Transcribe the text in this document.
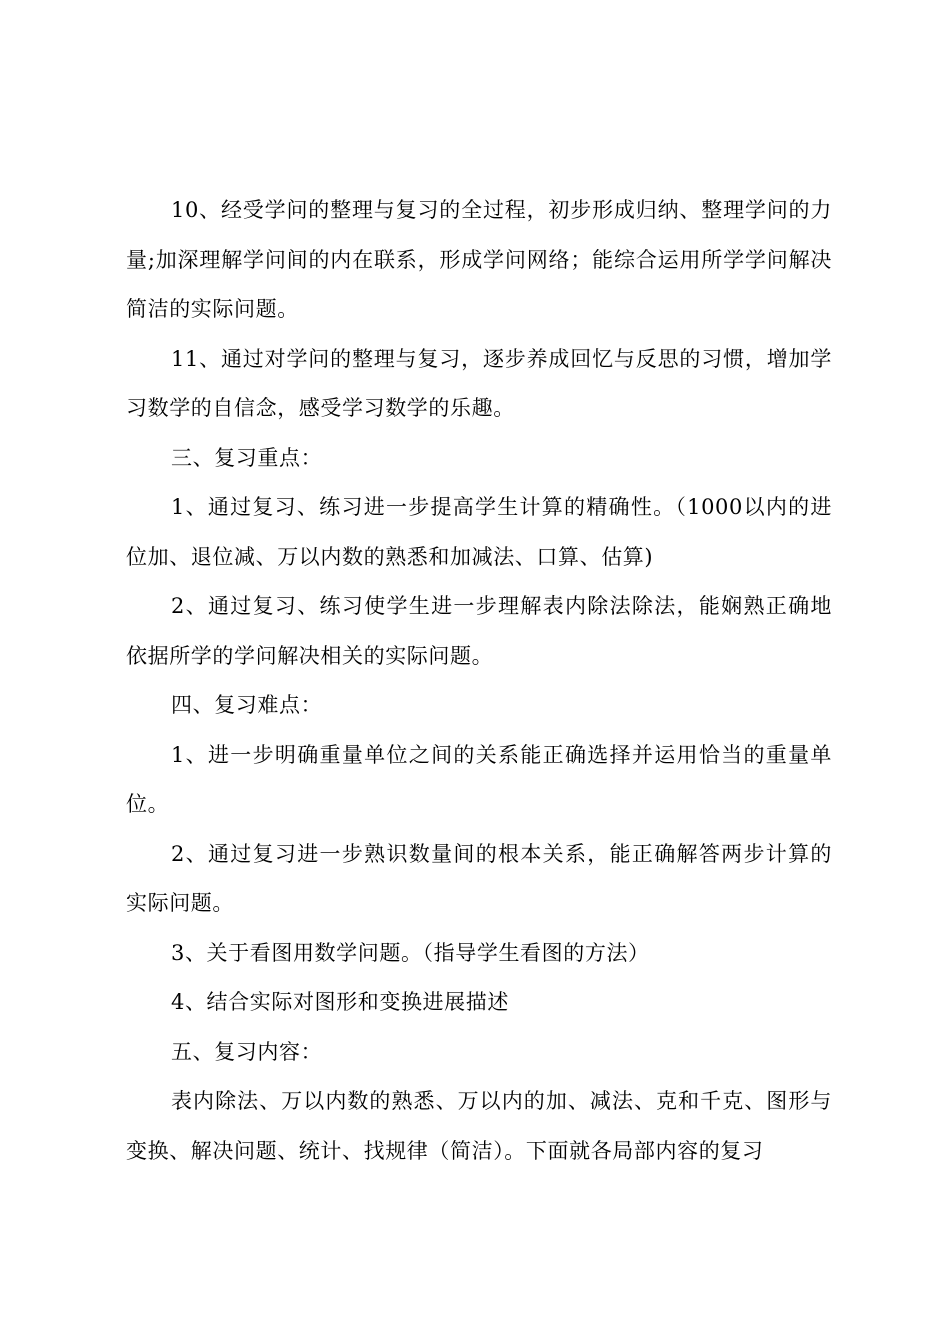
10、经受学问的整理与复习的全过程，初步形成归纳、整理学问的力量;加深理解学问间的内在联系，形成学问网络；能综合运用所学学问解决简洁的实际问题。

11、通过对学问的整理与复习，逐步养成回忆与反思的习惯，增加学习数学的自信念，感受学习数学的乐趣。

三、复习重点：

1、通过复习、练习进一步提高学生计算的精确性。（1000以内的进位加、退位减、万以内数的熟悉和加减法、口算、估算)

2、通过复习、练习使学生进一步理解表内除法除法，能娴熟正确地依据所学的学问解决相关的实际问题。

四、复习难点：

1、进一步明确重量单位之间的关系能正确选择并运用恰当的重量单位。

2、通过复习进一步熟识数量间的根本关系，能正确解答两步计算的实际问题。

3、关于看图用数学问题。（指导学生看图的方法）

4、结合实际对图形和变换进展描述

五、复习内容：

表内除法、万以内数的熟悉、万以内的加、减法、克和千克、图形与变换、解决问题、统计、找规律（简洁）。下面就各局部内容的复习
